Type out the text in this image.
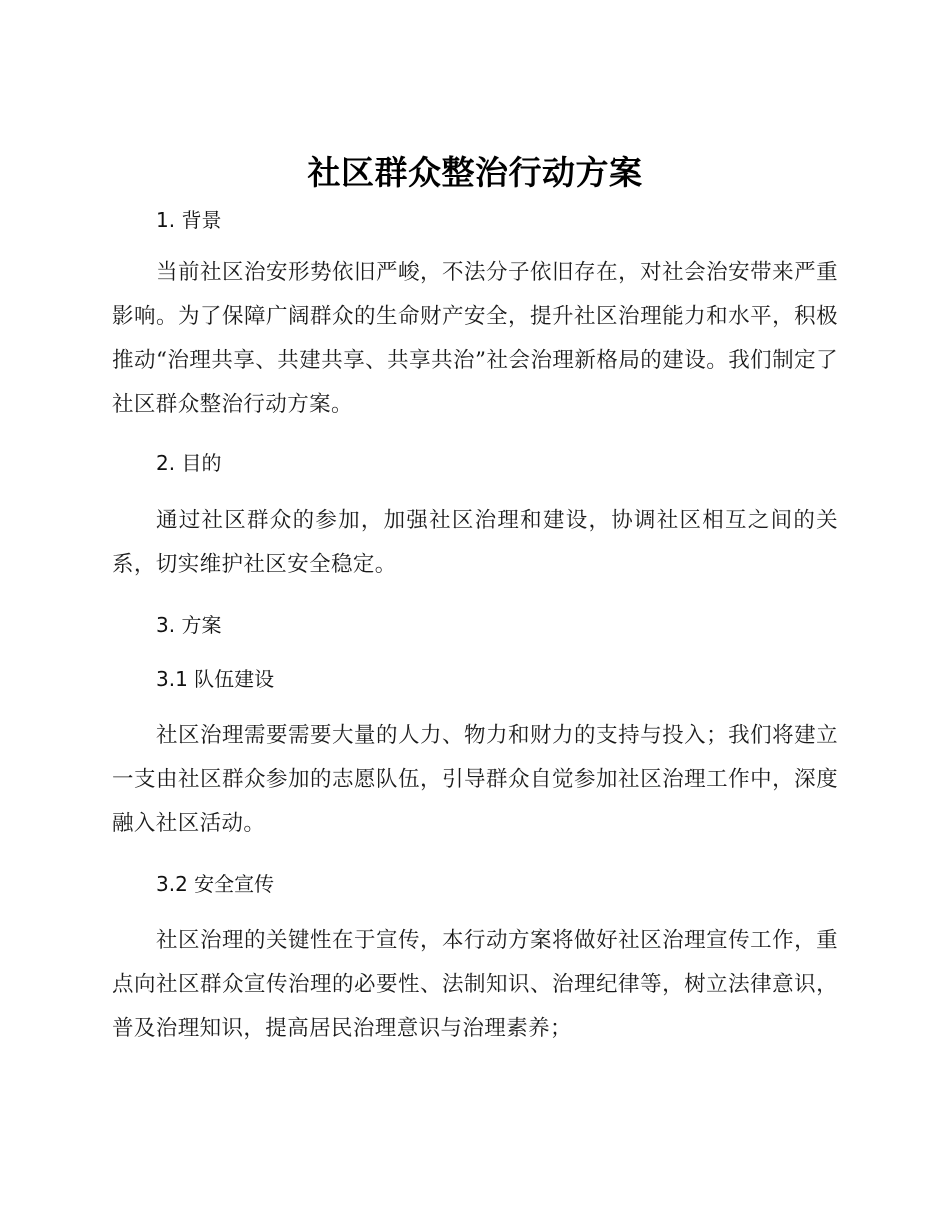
社区群众整治行动方案
1. 背景

当前社区治安形势依旧严峻，不法分子依旧存在，对社会治安带来严重影响。为了保障广阔群众的生命财产安全，提升社区治理能力和水平，积极推动“治理共享、共建共享、共享共治”社会治理新格局的建设。我们制定了社区群众整治行动方案。

2. 目的

通过社区群众的参加，加强社区治理和建设，协调社区相互之间的关系，切实维护社区安全稳定。

3. 方案
3.1 队伍建设

社区治理需要需要大量的人力、物力和财力的支持与投入；我们将建立一支由社区群众参加的志愿队伍，引导群众自觉参加社区治理工作中，深度融入社区活动。

3.2 安全宣传

社区治理的关键性在于宣传，本行动方案将做好社区治理宣传工作，重点向社区群众宣传治理的必要性、法制知识、治理纪律等，树立法律意识，普及治理知识，提高居民治理意识与治理素养；
